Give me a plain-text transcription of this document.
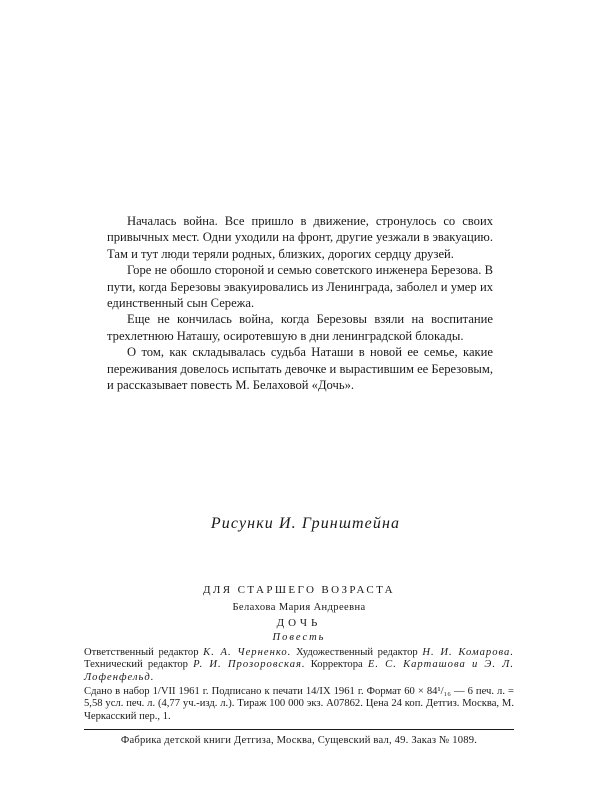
Началась война. Все пришло в движение, стронулось со своих привычных мест. Одни уходили на фронт, другие уезжали в эвакуацию. Там и тут люди теряли родных, близких, дорогих сердцу друзей.

Горе не обошло стороной и семью советского инженера Березова. В пути, когда Березовы эвакуировались из Ленинграда, заболел и умер их единственный сын Сережа.

Еще не кончилась война, когда Березовы взяли на воспитание трехлетнюю Наташу, осиротевшую в дни ленинградской блокады.

О том, как складывалась судьба Наташи в новой ее семье, какие переживания довелось испытать девочке и вырастившим ее Березовым, и рассказывает повесть М. Белаховой «Дочь».

Рисунки И. Гринштейна
ДЛЯ СТАРШЕГО ВОЗРАСТА
Белахова Мария Андреевна
ДОЧЬ
Повесть
Ответственный редактор К. А. Черненко. Художественный редактор Н. И. Комарова. Технический редактор Р. И. Прозоровская. Корректора Е. С. Карташова и Э. Л. Лофенфельд.
Сдано в набор 1/VII 1961 г. Подписано к печати 14/IX 1961 г. Формат 60 × 84¹/₁₆ — 6 печ. л. = 5,58 усл. печ. л. (4,77 уч.-изд. л.). Тираж 100 000 экз. А07862. Цена 24 коп. Детгиз. Москва, М. Черкасский пер., 1.
Фабрика детской книги Детгиза, Москва, Сущевский вал, 49. Заказ № 1089.
